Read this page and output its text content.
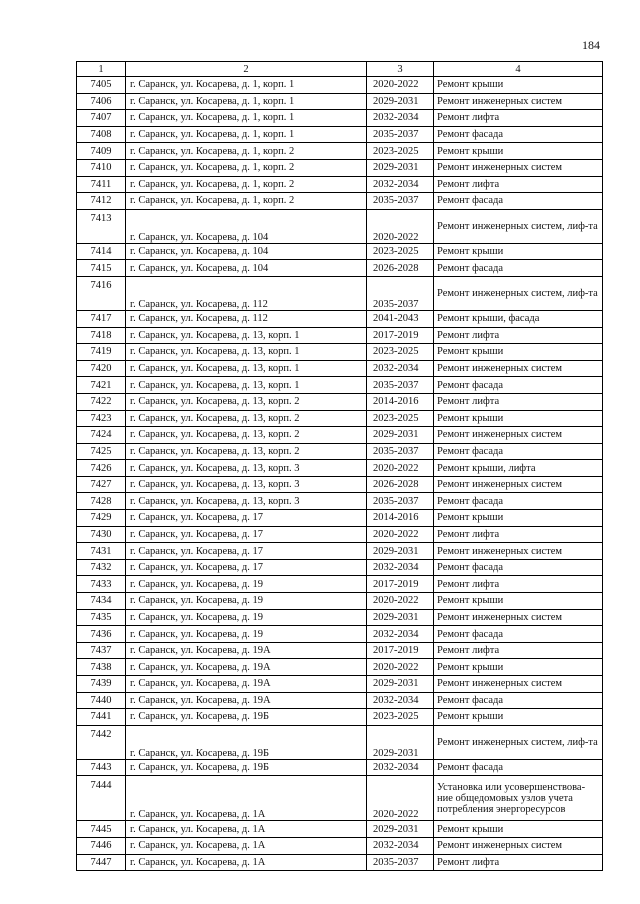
184
1	2	3	4
7405	г. Саранск, ул. Косарева, д. 1, корп. 1	2020-2022	Ремонт крыши
7406	г. Саранск, ул. Косарева, д. 1, корп. 1	2029-2031	Ремонт инженерных систем
7407	г. Саранск, ул. Косарева, д. 1, корп. 1	2032-2034	Ремонт лифта
7408	г. Саранск, ул. Косарева, д. 1, корп. 1	2035-2037	Ремонт фасада
7409	г. Саранск, ул. Косарева, д. 1, корп. 2	2023-2025	Ремонт крыши
7410	г. Саранск, ул. Косарева, д. 1, корп. 2	2029-2031	Ремонт инженерных систем
7411	г. Саранск, ул. Косарева, д. 1, корп. 2	2032-2034	Ремонт лифта
7412	г. Саранск, ул. Косарева, д. 1, корп. 2	2035-2037	Ремонт фасада
7413	г. Саранск, ул. Косарева, д. 104	2020-2022	Ремонт инженерных систем, лиф-та
7414	г. Саранск, ул. Косарева, д. 104	2023-2025	Ремонт крыши
7415	г. Саранск, ул. Косарева, д. 104	2026-2028	Ремонт фасада
7416	г. Саранск, ул. Косарева, д. 112	2035-2037	Ремонт инженерных систем, лиф-та
7417	г. Саранск, ул. Косарева, д. 112	2041-2043	Ремонт крыши, фасада
7418	г. Саранск, ул. Косарева, д. 13, корп. 1	2017-2019	Ремонт лифта
7419	г. Саранск, ул. Косарева, д. 13, корп. 1	2023-2025	Ремонт крыши
7420	г. Саранск, ул. Косарева, д. 13, корп. 1	2032-2034	Ремонт инженерных систем
7421	г. Саранск, ул. Косарева, д. 13, корп. 1	2035-2037	Ремонт фасада
7422	г. Саранск, ул. Косарева, д. 13, корп. 2	2014-2016	Ремонт лифта
7423	г. Саранск, ул. Косарева, д. 13, корп. 2	2023-2025	Ремонт крыши
7424	г. Саранск, ул. Косарева, д. 13, корп. 2	2029-2031	Ремонт инженерных систем
7425	г. Саранск, ул. Косарева, д. 13, корп. 2	2035-2037	Ремонт фасада
7426	г. Саранск, ул. Косарева, д. 13, корп. 3	2020-2022	Ремонт крыши, лифта
7427	г. Саранск, ул. Косарева, д. 13, корп. 3	2026-2028	Ремонт инженерных систем
7428	г. Саранск, ул. Косарева, д. 13, корп. 3	2035-2037	Ремонт фасада
7429	г. Саранск, ул. Косарева, д. 17	2014-2016	Ремонт крыши
7430	г. Саранск, ул. Косарева, д. 17	2020-2022	Ремонт лифта
7431	г. Саранск, ул. Косарева, д. 17	2029-2031	Ремонт инженерных систем
7432	г. Саранск, ул. Косарева, д. 17	2032-2034	Ремонт фасада
7433	г. Саранск, ул. Косарева, д. 19	2017-2019	Ремонт лифта
7434	г. Саранск, ул. Косарева, д. 19	2020-2022	Ремонт крыши
7435	г. Саранск, ул. Косарева, д. 19	2029-2031	Ремонт инженерных систем
7436	г. Саранск, ул. Косарева, д. 19	2032-2034	Ремонт фасада
7437	г. Саранск, ул. Косарева, д. 19А	2017-2019	Ремонт лифта
7438	г. Саранск, ул. Косарева, д. 19А	2020-2022	Ремонт крыши
7439	г. Саранск, ул. Косарева, д. 19А	2029-2031	Ремонт инженерных систем
7440	г. Саранск, ул. Косарева, д. 19А	2032-2034	Ремонт фасада
7441	г. Саранск, ул. Косарева, д. 19Б	2023-2025	Ремонт крыши
7442	г. Саранск, ул. Косарева, д. 19Б	2029-2031	Ремонт инженерных систем, лиф-та
7443	г. Саранск, ул. Косарева, д. 19Б	2032-2034	Ремонт фасада
7444	г. Саранск, ул. Косарева, д. 1А	2020-2022	Установка или усовершенствова-ние общедомовых узлов учета потребления энергоресурсов
7445	г. Саранск, ул. Косарева, д. 1А	2029-2031	Ремонт крыши
7446	г. Саранск, ул. Косарева, д. 1А	2032-2034	Ремонт инженерных систем
7447	г. Саранск, ул. Косарева, д. 1А	2035-2037	Ремонт лифта
